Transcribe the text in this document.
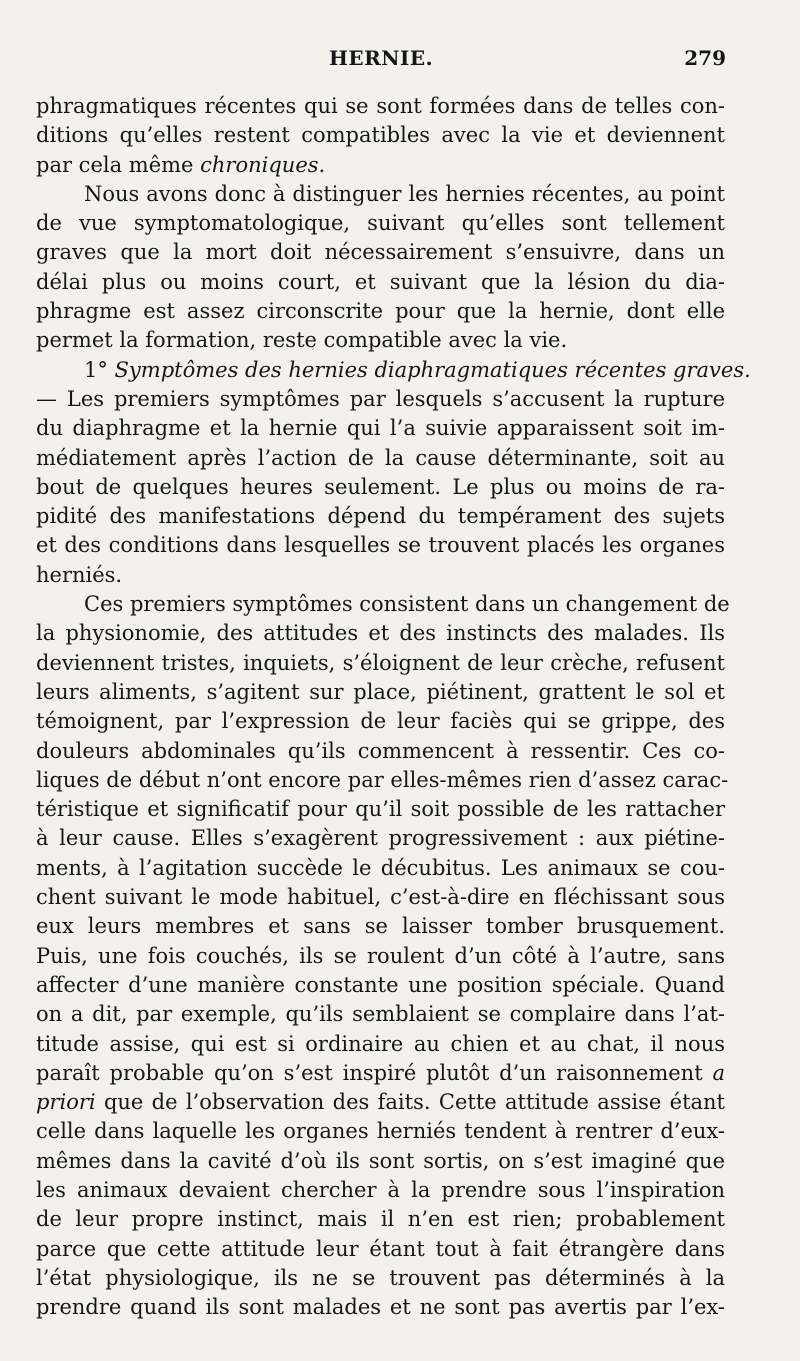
HERNIE.	279
phragmatiques récentes qui se sont formées dans de telles con-
ditions qu’elles restent compatibles avec la vie et deviennent
par cela même chroniques.
Nous avons donc à distinguer les hernies récentes, au point
de vue symptomatologique, suivant qu’elles sont tellement
graves que la mort doit nécessairement s’ensuivre, dans un
délai plus ou moins court, et suivant que la lésion du dia-
phragme est assez circonscrite pour que la hernie, dont elle
permet la formation, reste compatible avec la vie.
1° Symptômes des hernies diaphragmatiques récentes graves.
— Les premiers symptômes par lesquels s’accusent la rupture
du diaphragme et la hernie qui l’a suivie apparaissent soit im-
médiatement après l’action de la cause déterminante, soit au
bout de quelques heures seulement. Le plus ou moins de ra-
pidité des manifestations dépend du tempérament des sujets
et des conditions dans lesquelles se trouvent placés les organes
herniés.
Ces premiers symptômes consistent dans un changement de
la physionomie, des attitudes et des instincts des malades. Ils
deviennent tristes, inquiets, s’éloignent de leur crèche, refusent
leurs aliments, s’agitent sur place, piétinent, grattent le sol et
témoignent, par l’expression de leur faciès qui se grippe, des
douleurs abdominales qu’ils commencent à ressentir. Ces co-
liques de début n’ont encore par elles-mêmes rien d’assez carac-
téristique et significatif pour qu’il soit possible de les rattacher
à leur cause. Elles s’exagèrent progressivement : aux piétine-
ments, à l’agitation succède le décubitus. Les animaux se cou-
chent suivant le mode habituel, c’est-à-dire en fléchissant sous
eux leurs membres et sans se laisser tomber brusquement.
Puis, une fois couchés, ils se roulent d’un côté à l’autre, sans
affecter d’une manière constante une position spéciale. Quand
on a dit, par exemple, qu’ils semblaient se complaire dans l’at-
titude assise, qui est si ordinaire au chien et au chat, il nous
paraît probable qu’on s’est inspiré plutôt d’un raisonnement a
priori que de l’observation des faits. Cette attitude assise étant
celle dans laquelle les organes herniés tendent à rentrer d’eux-
mêmes dans la cavité d’où ils sont sortis, on s’est imaginé que
les animaux devaient chercher à la prendre sous l’inspiration
de leur propre instinct, mais il n’en est rien; probablement
parce que cette attitude leur étant tout à fait étrangère dans
l’état physiologique, ils ne se trouvent pas déterminés à la
prendre quand ils sont malades et ne sont pas avertis par l’ex-
